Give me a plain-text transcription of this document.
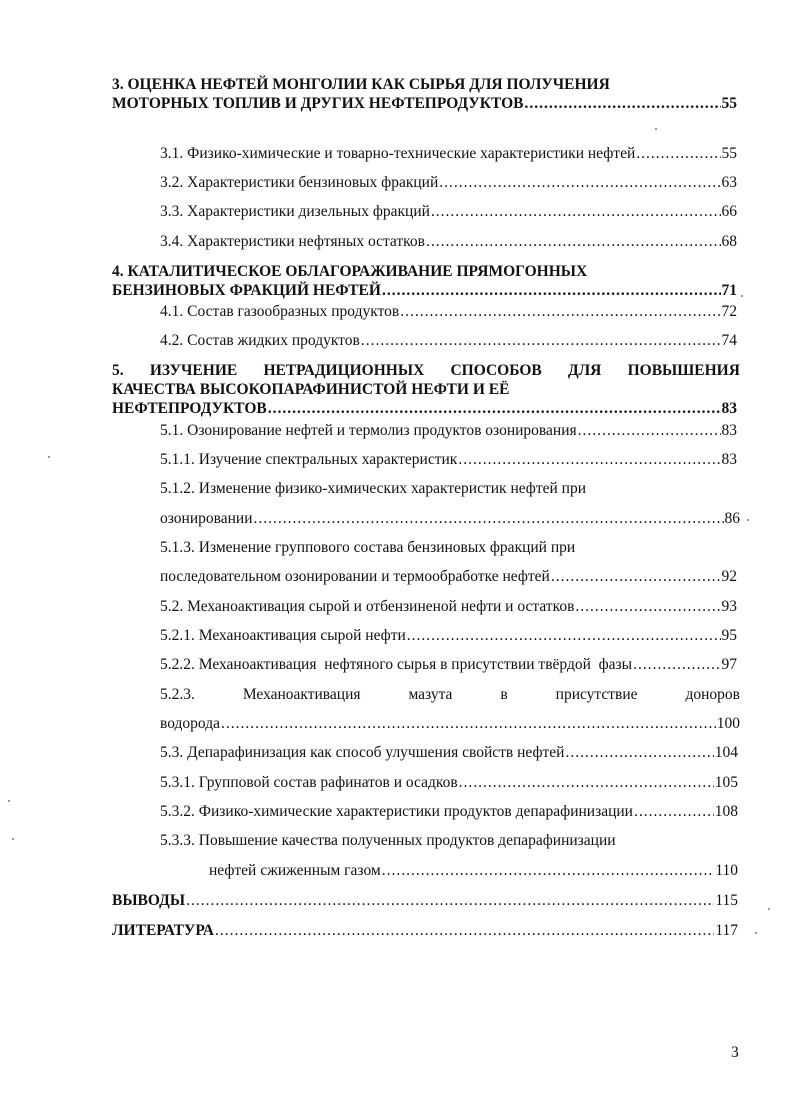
3. ОЦЕНКА НЕФТЕЙ МОНГОЛИИ КАК СЫРЬЯ ДЛЯ ПОЛУЧЕНИЯ
МОТОРНЫХ ТОПЛИВ И ДРУГИХ НЕФТЕПРОДУКТОВ .....	55
3.1. Физико-химические и товарно-технические характеристики нефтей .....	55
3.2. Характеристики бензиновых фракций .....	63
3.3. Характеристики дизельных фракций .....	66
3.4. Характеристики нефтяных остатков .....	68
4. КАТАЛИТИЧЕСКОЕ ОБЛАГОРАЖИВАНИЕ ПРЯМОГОННЫХ
БЕНЗИНОВЫХ ФРАКЦИЙ НЕФТЕЙ .....	71
4.1. Состав газообразных продуктов .....	72
4.2. Состав жидких продуктов .....	74
5. ИЗУЧЕНИЕ НЕТРАДИЦИОННЫХ СПОСОБОВ ДЛЯ ПОВЫШЕНИЯ
КАЧЕСТВА ВЫСОКОПАРАФИНИСТОЙ НЕФТИ И ЕЁ
НЕФТЕПРОДУКТОВ .....	83
5.1. Озонирование нефтей и термолиз продуктов озонирования .....	83
5.1.1. Изучение спектральных характеристик .....	83
5.1.2. Изменение физико-химических характеристик нефтей при
озонировании .....	86
5.1.3. Изменение группового состава бензиновых фракций при
последовательном озонировании и термообработке нефтей .....	92
5.2. Механоактивация сырой и отбензиненой нефти и остатков .....	93
5.2.1. Механоактивация сырой нефти .....	95
5.2.2. Механоактивация  нефтяного сырья в присутствии твёрдой  фазы .....	97
5.2.3.	Механоактивация	мазута	в	присутствие	доноров
водорода .....	100
5.3. Депарафинизация как способ улучшения свойств нефтей .....	104
5.3.1. Групповой состав рафинатов и осадков .....	105
5.3.2. Физико-химические характеристики продуктов депарафинизации .....	108
5.3.3. Повышение качества полученных продуктов депарафинизации
нефтей сжиженным газом .....	110
ВЫВОДЫ .....	115
ЛИТЕРАТУРА .....	117
3
